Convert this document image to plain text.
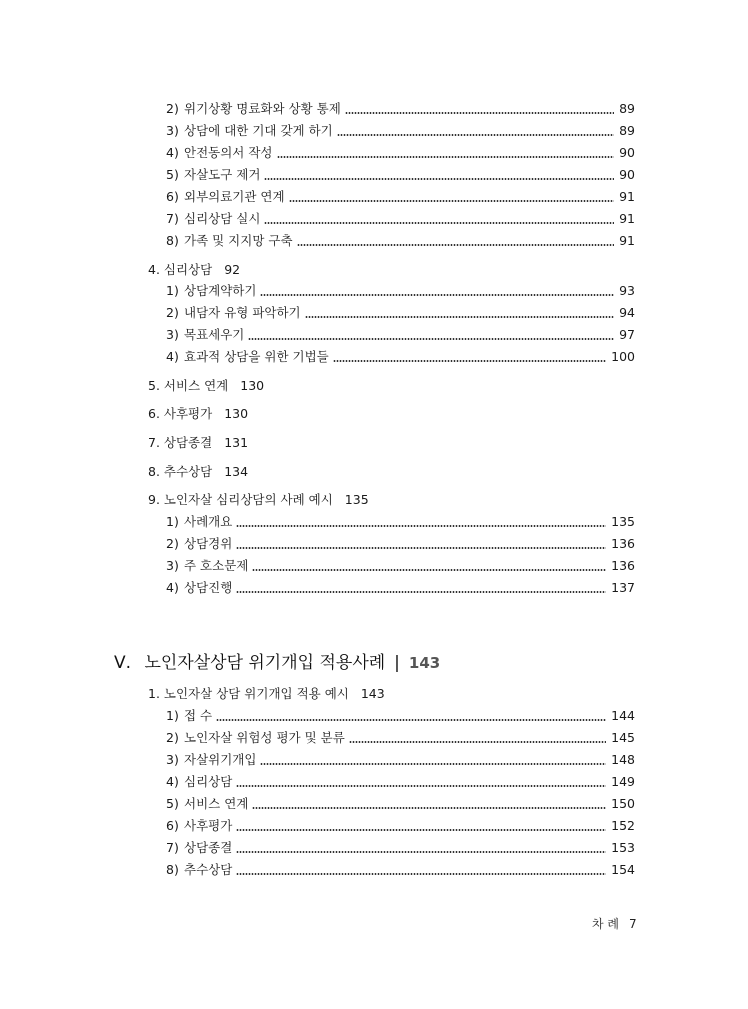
2) 위기상황 명료화와 상황 통제	89
3) 상담에 대한 기대 갖게 하기	89
4) 안전동의서 작성	90
5) 자살도구 제거	90
6) 외부의료기관 연계	91
7) 심리상담 실시	91
8) 가족 및 지지망 구축	91
4. 심리상담 92
1) 상담계약하기	93
2) 내담자 유형 파악하기	94
3) 목표세우기	97
4) 효과적 상담을 위한 기법들	100
5. 서비스 연계 130
6. 사후평가 130
7. 상담종결 131
8. 추수상담 134
9. 노인자살 심리상담의 사례 예시 135
1) 사례개요	135
2) 상담경위	136
3) 주 호소문제	136
4) 상담진행	137
Ⅴ. 노인자살상담 위기개입 적용사례 | 143
1. 노인자살 상담 위기개입 적용 예시 143
1) 접 수	144
2) 노인자살 위험성 평가 및 분류	145
3) 자살위기개입	148
4) 심리상담	149
5) 서비스 연계	150
6) 사후평가	152
7) 상담종결	153
8) 추수상담	154
차 례 7
